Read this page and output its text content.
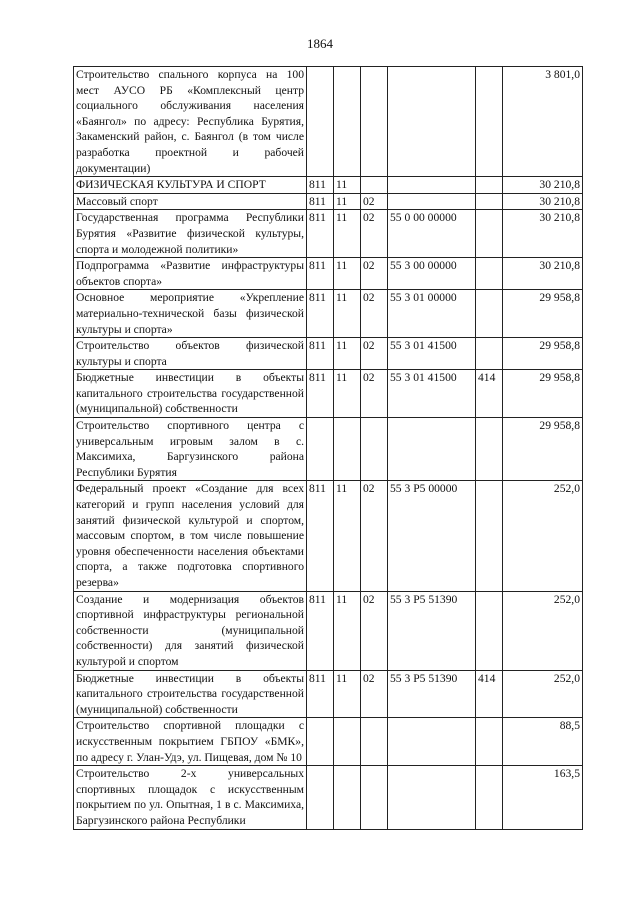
1864
Строительство спального корпуса на 100 мест АУСО РБ «Комплексный центр социального обслуживания населения «Баянгол» по адресу: Республика Бурятия, Закаменский район, с. Баянгол (в том числе разработка проектной и рабочей документации)						3 801,0
ФИЗИЧЕСКАЯ КУЛЬТУРА И СПОРТ	811	11				30 210,8
Массовый спорт	811	11	02			30 210,8
Государственная программа Республики Бурятия «Развитие физической культуры, спорта и молодежной политики»	811	11	02	55 0 00 00000		30 210,8
Подпрограмма «Развитие инфраструктуры объектов спорта»	811	11	02	55 3 00 00000		30 210,8
Основное мероприятие «Укрепление материально-технической базы физической культуры и спорта»	811	11	02	55 3 01 00000		29 958,8
Строительство объектов физической культуры и спорта	811	11	02	55 3 01 41500		29 958,8
Бюджетные инвестиции в объекты капитального строительства государственной (муниципальной) собственности	811	11	02	55 3 01 41500	414	29 958,8
Строительство спортивного центра с универсальным игровым залом в с. Максимиха, Баргузинского района Республики Бурятия						29 958,8
Федеральный проект «Создание для всех категорий и групп населения условий для занятий физической культурой и спортом, массовым спортом, в том числе повышение уровня обеспеченности населения объектами спорта, а также подготовка спортивного резерва»	811	11	02	55 3 P5 00000		252,0
Создание и модернизация объектов спортивной инфраструктуры региональной собственности (муниципальной собственности) для занятий физической культурой и спортом	811	11	02	55 3 P5 51390		252,0
Бюджетные инвестиции в объекты капитального строительства государственной (муниципальной) собственности	811	11	02	55 3 P5 51390	414	252,0
Строительство спортивной площадки с искусственным покрытием ГБПОУ «БМК», по адресу г. Улан-Удэ, ул. Пищевая, дом № 10						88,5
Строительство 2-х универсальных спортивных площадок с искусственным покрытием по ул. Опытная, 1 в с. Максимиха, Баргузинского района Республики						163,5
